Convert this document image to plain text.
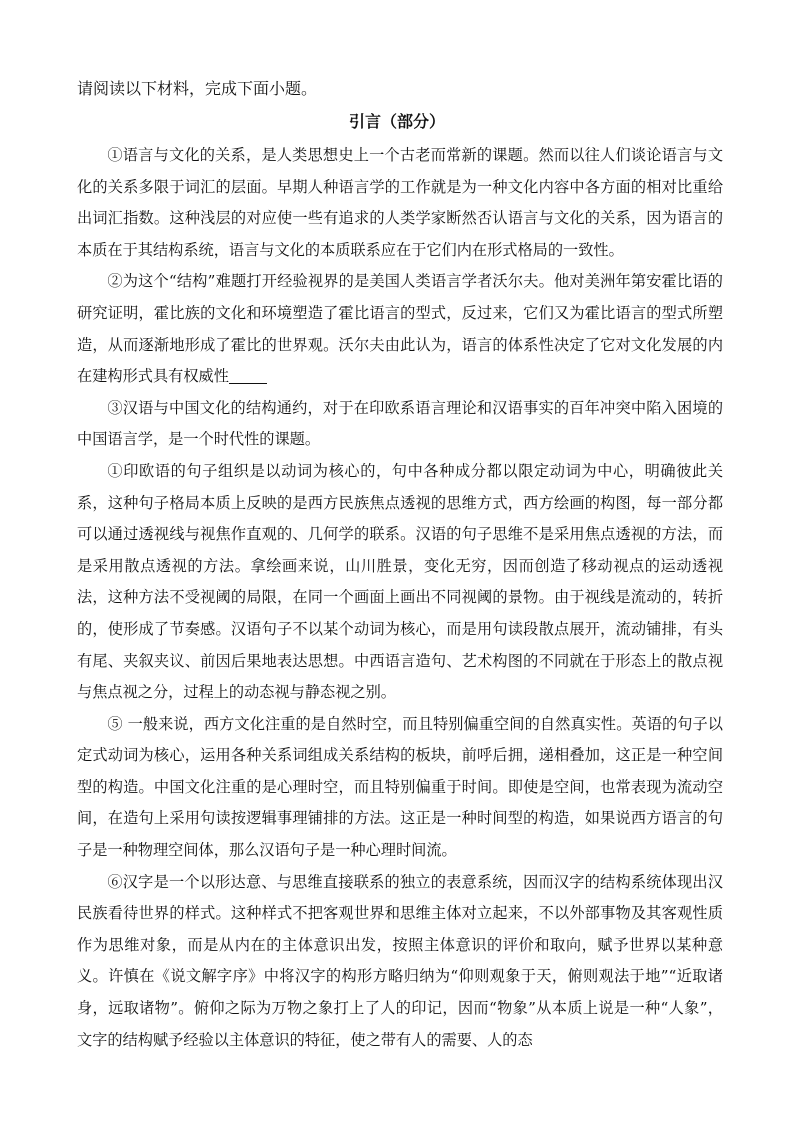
请阅读以下材料，完成下面小题。
引言（部分）

①语言与文化的关系，是人类思想史上一个古老而常新的课题。然而以往人们谈论语言与文化的关系多限于词汇的层面。早期人种语言学的工作就是为一种文化内容中各方面的相对比重给出词汇指数。这种浅层的对应使一些有追求的人类学家断然否认语言与文化的关系，因为语言的本质在于其结构系统，语言与文化的本质联系应在于它们内在形式格局的一致性。

②为这个“结构”难题打开经验视界的是美国人类语言学者沃尔夫。他对美洲年第安霍比语的研究证明，霍比族的文化和环境塑造了霍比语言的型式，反过来，它们又为霍比语言的型式所塑造，从而逐渐地形成了霍比的世界观。沃尔夫由此认为，语言的体系性决定了它对文化发展的内在建构形式具有权威性

③汉语与中国文化的结构通约，对于在印欧系语言理论和汉语事实的百年冲突中陷入困境的中国语言学，是一个时代性的课题。

①印欧语的句子组织是以动词为核心的，句中各种成分都以限定动词为中心，明确彼此关系，这种句子格局本质上反映的是西方民族焦点透视的思维方式，西方绘画的构图，每一部分都可以通过透视线与视焦作直观的、几何学的联系。汉语的句子思维不是采用焦点透视的方法，而是采用散点透视的方法。拿绘画来说，山川胜景，变化无穷，因而创造了移动视点的运动透视法，这种方法不受视阈的局限，在同一个画面上画出不同视阈的景物。由于视线是流动的，转折的，使形成了节奏感。汉语句子不以某个动词为核心，而是用句读段散点展开，流动铺排，有头有尾、夹叙夹议、前因后果地表达思想。中西语言造句、艺术构图的不同就在于形态上的散点视与焦点视之分，过程上的动态视与静态视之别。

⑤ 一般来说，西方文化注重的是自然时空，而且特别偏重空间的自然真实性。英语的句子以定式动词为核心，运用各种关系词组成关系结构的板块，前呼后拥，递相叠加，这正是一种空间型的构造。中国文化注重的是心理时空，而且特别偏重于时间。即使是空间，也常表现为流动空间，在造句上采用句读按逻辑事理铺排的方法。这正是一种时间型的构造，如果说西方语言的句子是一种物理空间体，那么汉语句子是一种心理时间流。

⑥汉字是一个以形达意、与思维直接联系的独立的表意系统，因而汉字的结构系统体现出汉民族看待世界的样式。这种样式不把客观世界和思维主体对立起来，不以外部事物及其客观性质作为思维对象，而是从内在的主体意识出发，按照主体意识的评价和取向，赋予世界以某种意义。许慎在《说文解字序》中将汉字的构形方略归纳为“仰则观象于天，俯则观法于地”“近取诸身，远取诸物”。俯仰之际为万物之象打上了人的印记，因而“物象”从本质上说是一种“人象”，文字的结构赋予经验以主体意识的特征，使之带有人的需要、人的态
